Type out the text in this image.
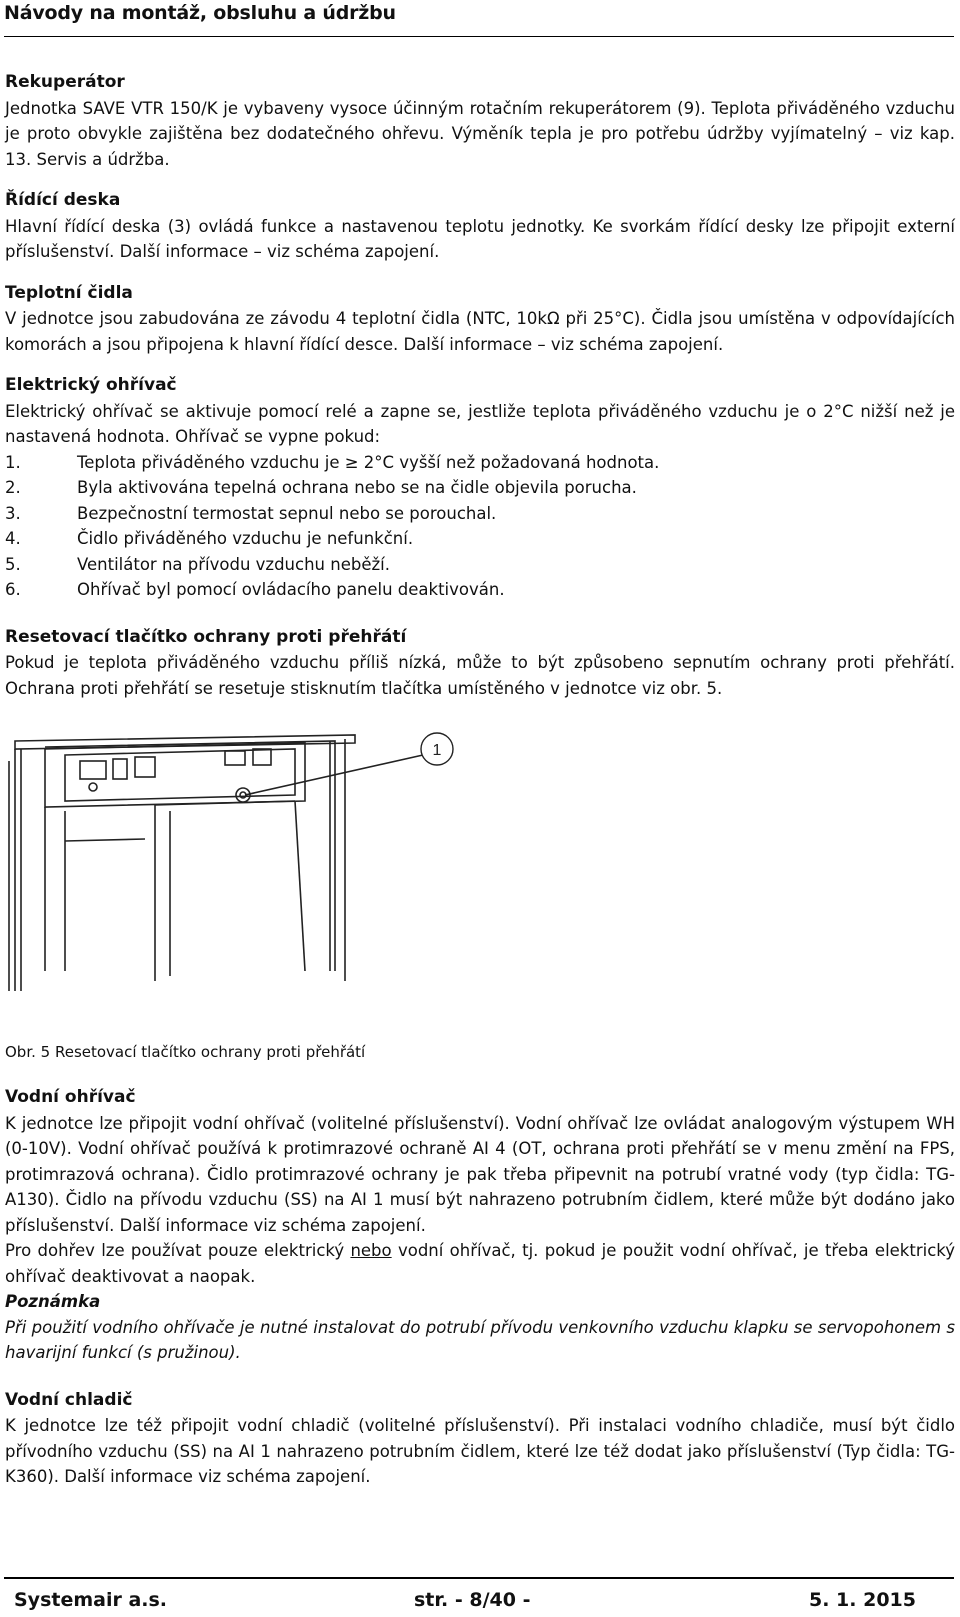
Návody na montáž, obsluhu a údržbu
Rekuperátor

Jednotka SAVE VTR 150/K je vybaveny vysoce účinným rotačním rekuperátorem (9). Teplota přiváděného vzduchu je proto obvykle zajištěna bez dodatečného ohřevu. Výměník tepla je pro potřebu údržby vyjímatelný – viz kap. 13. Servis a údržba.

Řídící deska

Hlavní řídící deska (3) ovládá funkce a nastavenou teplotu jednotky. Ke svorkám řídící desky lze připojit externí příslušenství. Další informace – viz schéma zapojení.

Teplotní čidla

V jednotce jsou zabudována ze závodu 4 teplotní čidla (NTC, 10kΩ při 25°C). Čidla jsou umístěna v odpovídajících komorách a jsou připojena k hlavní řídící desce. Další informace – viz schéma zapojení.

Elektrický ohřívač

Elektrický ohřívač se aktivuje pomocí relé a zapne se, jestliže teplota přiváděného vzduchu je o 2°C nižší než je nastavená hodnota. Ohřívač se vypne pokud:

1.	Teplota přiváděného vzduchu je ≥ 2°C vyšší než požadovaná hodnota.
2.	Byla aktivována tepelná ochrana nebo se na čidle objevila porucha.
3.	Bezpečnostní termostat sepnul nebo se porouchal.
4.	Čidlo přiváděného vzduchu je nefunkční.
5.	Ventilátor na přívodu vzduchu neběží.
6.	Ohřívač byl pomocí ovládacího panelu deaktivován.
Resetovací tlačítko ochrany proti přehřátí

Pokud je teplota přiváděného vzduchu příliš nízká, může to být způsobeno sepnutím ochrany proti přehřátí. Ochrana proti přehřátí se resetuje stisknutím tlačítka umístěného v jednotce viz obr. 5.

1
Obr. 5 Resetovací tlačítko ochrany proti přehřátí
Vodní ohřívač

K jednotce lze připojit vodní ohřívač (volitelné příslušenství). Vodní ohřívač lze ovládat analogovým výstupem WH (0-10V). Vodní ohřívač používá k protimrazové ochraně AI 4 (OT, ochrana proti přehřátí se v menu změní na FPS, protimrazová ochrana). Čidlo protimrazové ochrany je pak třeba připevnit na potrubí vratné vody (typ čidla: TG-A130). Čidlo na přívodu vzduchu (SS) na AI 1 musí být nahrazeno potrubním čidlem, které může být dodáno jako příslušenství. Další informace viz schéma zapojení.

Pro dohřev lze používat pouze elektrický nebo vodní ohřívač, tj. pokud je použit vodní ohřívač, je třeba elektrický ohřívač deaktivovat a naopak.

Poznámka

Při použití vodního ohřívače je nutné instalovat do potrubí přívodu venkovního vzduchu klapku se servopohonem s havarijní funkcí (s pružinou).

Vodní chladič

K jednotce lze též připojit vodní chladič (volitelné příslušenství). Při instalaci vodního chladiče, musí být čidlo přívodního vzduchu (SS) na AI 1 nahrazeno potrubním čidlem, které lze též dodat jako příslušenství (Typ čidla: TG-K360). Další informace viz schéma zapojení.

Systemair a.s.	str. - 8/40 -	5. 1. 2015
